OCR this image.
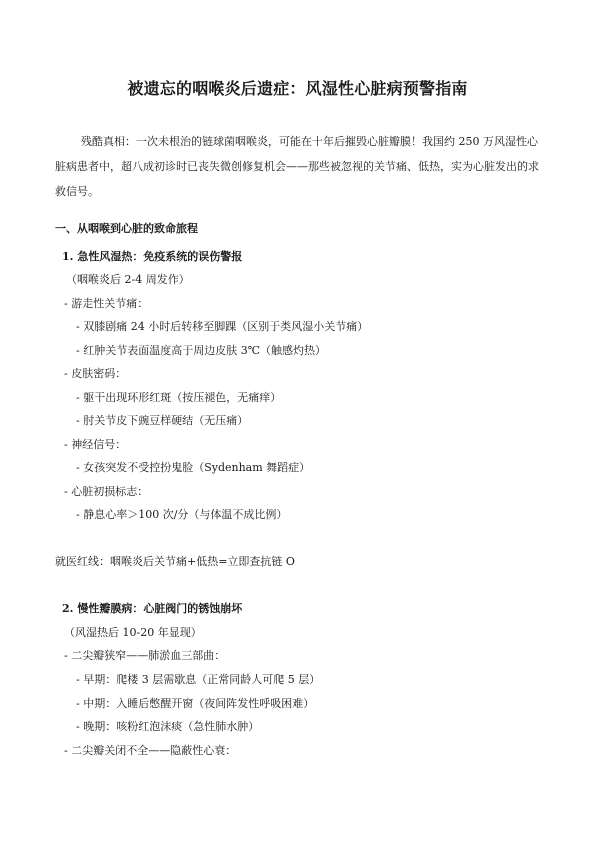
被遗忘的咽喉炎后遗症：风湿性心脏病预警指南
残酷真相：一次未根治的链球菌咽喉炎，可能在十年后摧毁心脏瓣膜！我国约 250 万风湿性心脏病患者中，超八成初诊时已丧失微创修复机会——那些被忽视的关节痛、低热，实为心脏发出的求救信号。
一、从咽喉到心脏的致命旅程
1. 急性风湿热：免疫系统的误伤警报
（咽喉炎后 2-4 周发作）
- 游走性关节痛：
- 双膝剧痛 24 小时后转移至脚踝（区别于类风湿小关节痛）
- 红肿关节表面温度高于周边皮肤 3℃（触感灼热）
- 皮肤密码：
- 躯干出现环形红斑（按压褪色，无痛痒）
- 肘关节皮下豌豆样硬结（无压痛）
- 神经信号：
- 女孩突发不受控扮鬼脸（Sydenham 舞蹈症）
- 心脏初损标志：
- 静息心率＞100 次/分（与体温不成比例）
就医红线：咽喉炎后关节痛+低热=立即查抗链 O
2. 慢性瓣膜病：心脏阀门的锈蚀崩坏
（风湿热后 10-20 年显现）
- 二尖瓣狭窄——肺淤血三部曲：
- 早期：爬楼 3 层需歇息（正常同龄人可爬 5 层）
- 中期：入睡后憋醒开窗（夜间阵发性呼吸困难）
- 晚期：咳粉红泡沫痰（急性肺水肿）
- 二尖瓣关闭不全——隐蔽性心衰：
